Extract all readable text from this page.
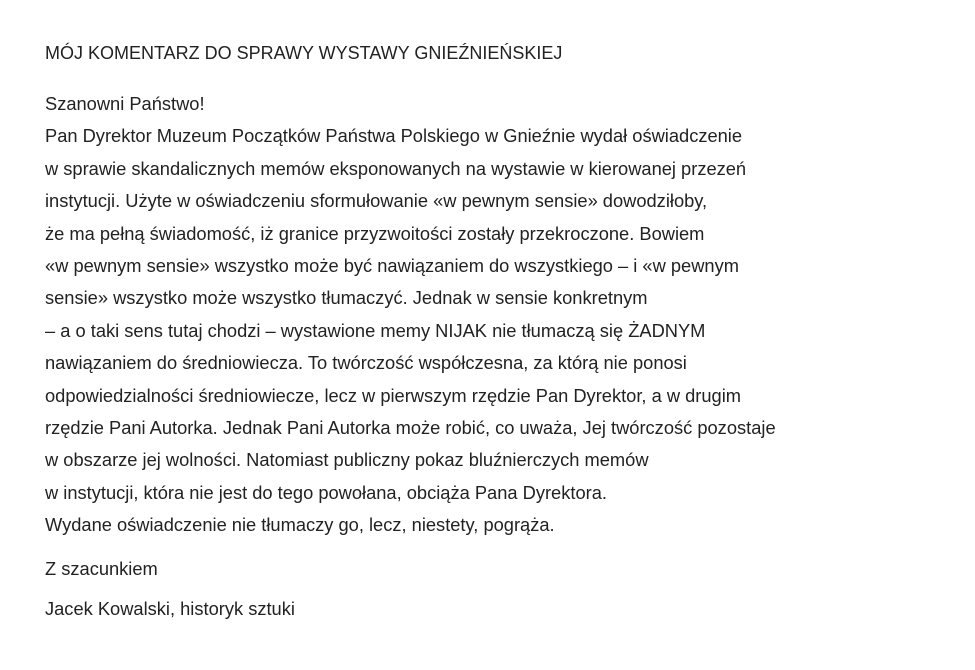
MÓJ KOMENTARZ DO SPRAWY WYSTAWY GNIEŹNIEŃSKIEJ
Szanowni Państwo!
Pan Dyrektor Muzeum Początków Państwa Polskiego w Gnieźnie wydał oświadczenie
w sprawie skandalicznych memów eksponowanych na wystawie w kierowanej przezeń
instytucji. Użyte w oświadczeniu sformułowanie «w pewnym sensie» dowodziłoby,
że ma pełną świadomość, iż granice przyzwoitości zostały przekroczone. Bowiem
«w pewnym sensie» wszystko może być nawiązaniem do wszystkiego – i «w pewnym
sensie» wszystko może wszystko tłumaczyć. Jednak w sensie konkretnym
– a o taki sens tutaj chodzi – wystawione memy NIJAK nie tłumaczą się ŻADNYM
nawiązaniem do średniowiecza. To twórczość współczesna, za którą nie ponosi
odpowiedzialności średniowiecze, lecz w pierwszym rzędzie Pan Dyrektor, a w drugim
rzędzie Pani Autorka. Jednak Pani Autorka może robić, co uważa, Jej twórczość pozostaje
w obszarze jej wolności. Natomiast publiczny pokaz bluźnierczych memów
w instytucji, która nie jest do tego powołana, obciąża Pana Dyrektora.
Wydane oświadczenie nie tłumaczy go, lecz, niestety, pogrąża.
Z szacunkiem
Jacek Kowalski, historyk sztuki
